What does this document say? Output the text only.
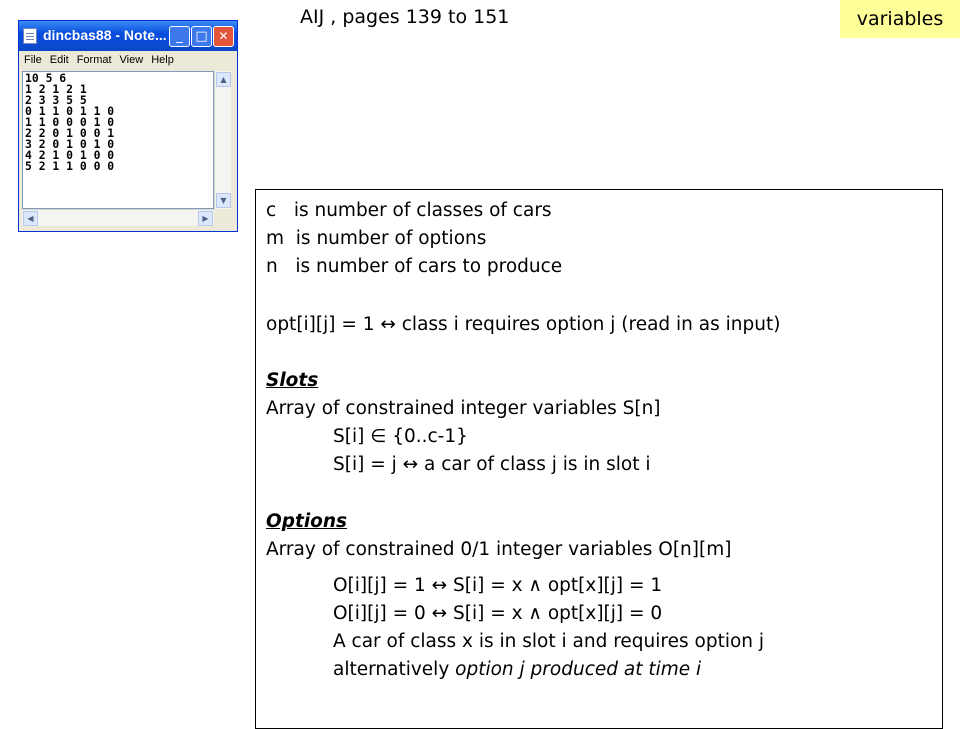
AIJ , pages 139 to 151	variables
dincbas88 - Note... _ □ ✕
File Edit Format View Help
10 5 6
1 2 1 2 1
2 3 3 5 5
0 1 1 0 1 1 0
1 1 0 0 0 1 0
2 2 0 1 0 0 1
3 2 0 1 0 1 0
4 2 1 0 1 0 0
5 2 1 1 0 0 0
▲
▼
◀	▶	c   is number of classes of cars
m  is number of options
n   is number of cars to produce
opt[i][j] = 1 ↔ class i requires option j (read in as input)
Slots
Array of constrained integer variables S[n]
S[i] ∈ {0..c-1}
S[i] = j ↔ a car of class j is in slot i
Options
Array of constrained 0/1 integer variables O[n][m]
O[i][j] = 1 ↔ S[i] = x ∧ opt[x][j] = 1
O[i][j] = 0 ↔ S[i] = x ∧ opt[x][j] = 0
A car of class x is in slot i and requires option j
alternatively option j produced at time i
